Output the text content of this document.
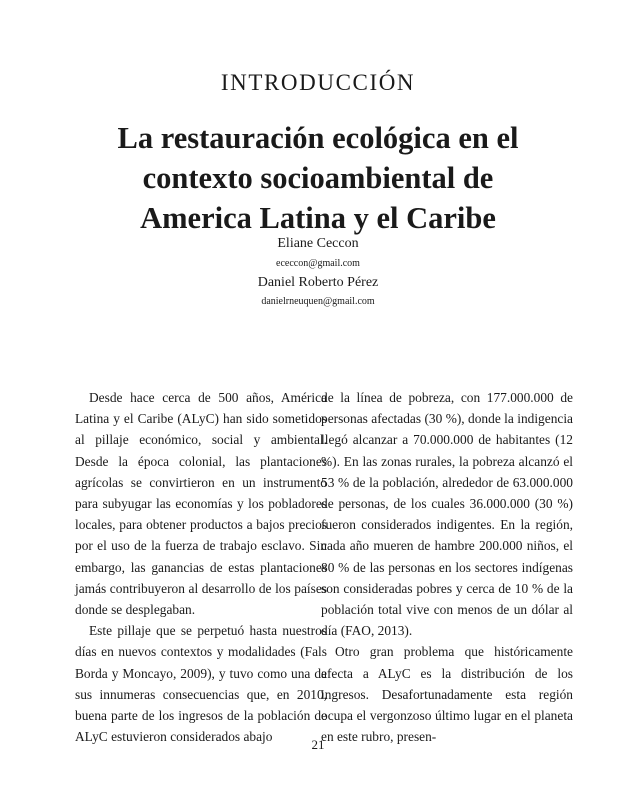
INTRODUCCIÓN
La restauración ecológica en el
contexto socioambiental de
America Latina y el Caribe
Eliane Ceccon
ececcon@gmail.com
Daniel Roberto Pérez
danielrneuquen@gmail.com

Desde hace cerca de 500 años, América Latina y el Caribe (ALyC) han sido sometidos al pillaje económico, social y ambiental. Desde la época colonial, las plantaciones agrícolas se convirtieron en un instrumento para subyugar las economías y los pobladores locales, para obtener productos a bajos precios por el uso de la fuerza de trabajo esclavo. Sin embargo, las ganancias de estas plantaciones jamás contribuyeron al desarrollo de los países donde se desplegaban.

Este pillaje que se perpetuó hasta nuestros días en nuevos contextos y modalidades (Fals Borda y Moncayo, 2009), y tuvo como una de sus innumeras consecuencias que, en 2010, buena parte de los ingresos de la población de ALyC estuvieron considerados abajo

de la línea de pobreza, con 177.000.000 de personas afectadas (30 %), donde la indigencia llegó alcanzar a 70.000.000 de habitantes (12 %). En las zonas rurales, la pobreza alcanzó el 53 % de la población, alrededor de 63.000.000 de personas, de los cuales 36.000.000 (30 %) fueron considerados indigentes. En la región, cada año mueren de hambre 200.000 niños, el 80 % de las personas en los sectores indígenas son consideradas pobres y cerca de 10 % de la población total vive con menos de un dólar al día (FAO, 2013).

Otro gran problema que históricamente afecta a ALyC es la distribución de los ingresos. Desafortunadamente esta región ocupa el vergonzoso último lugar en el planeta en este rubro, presen-

21
